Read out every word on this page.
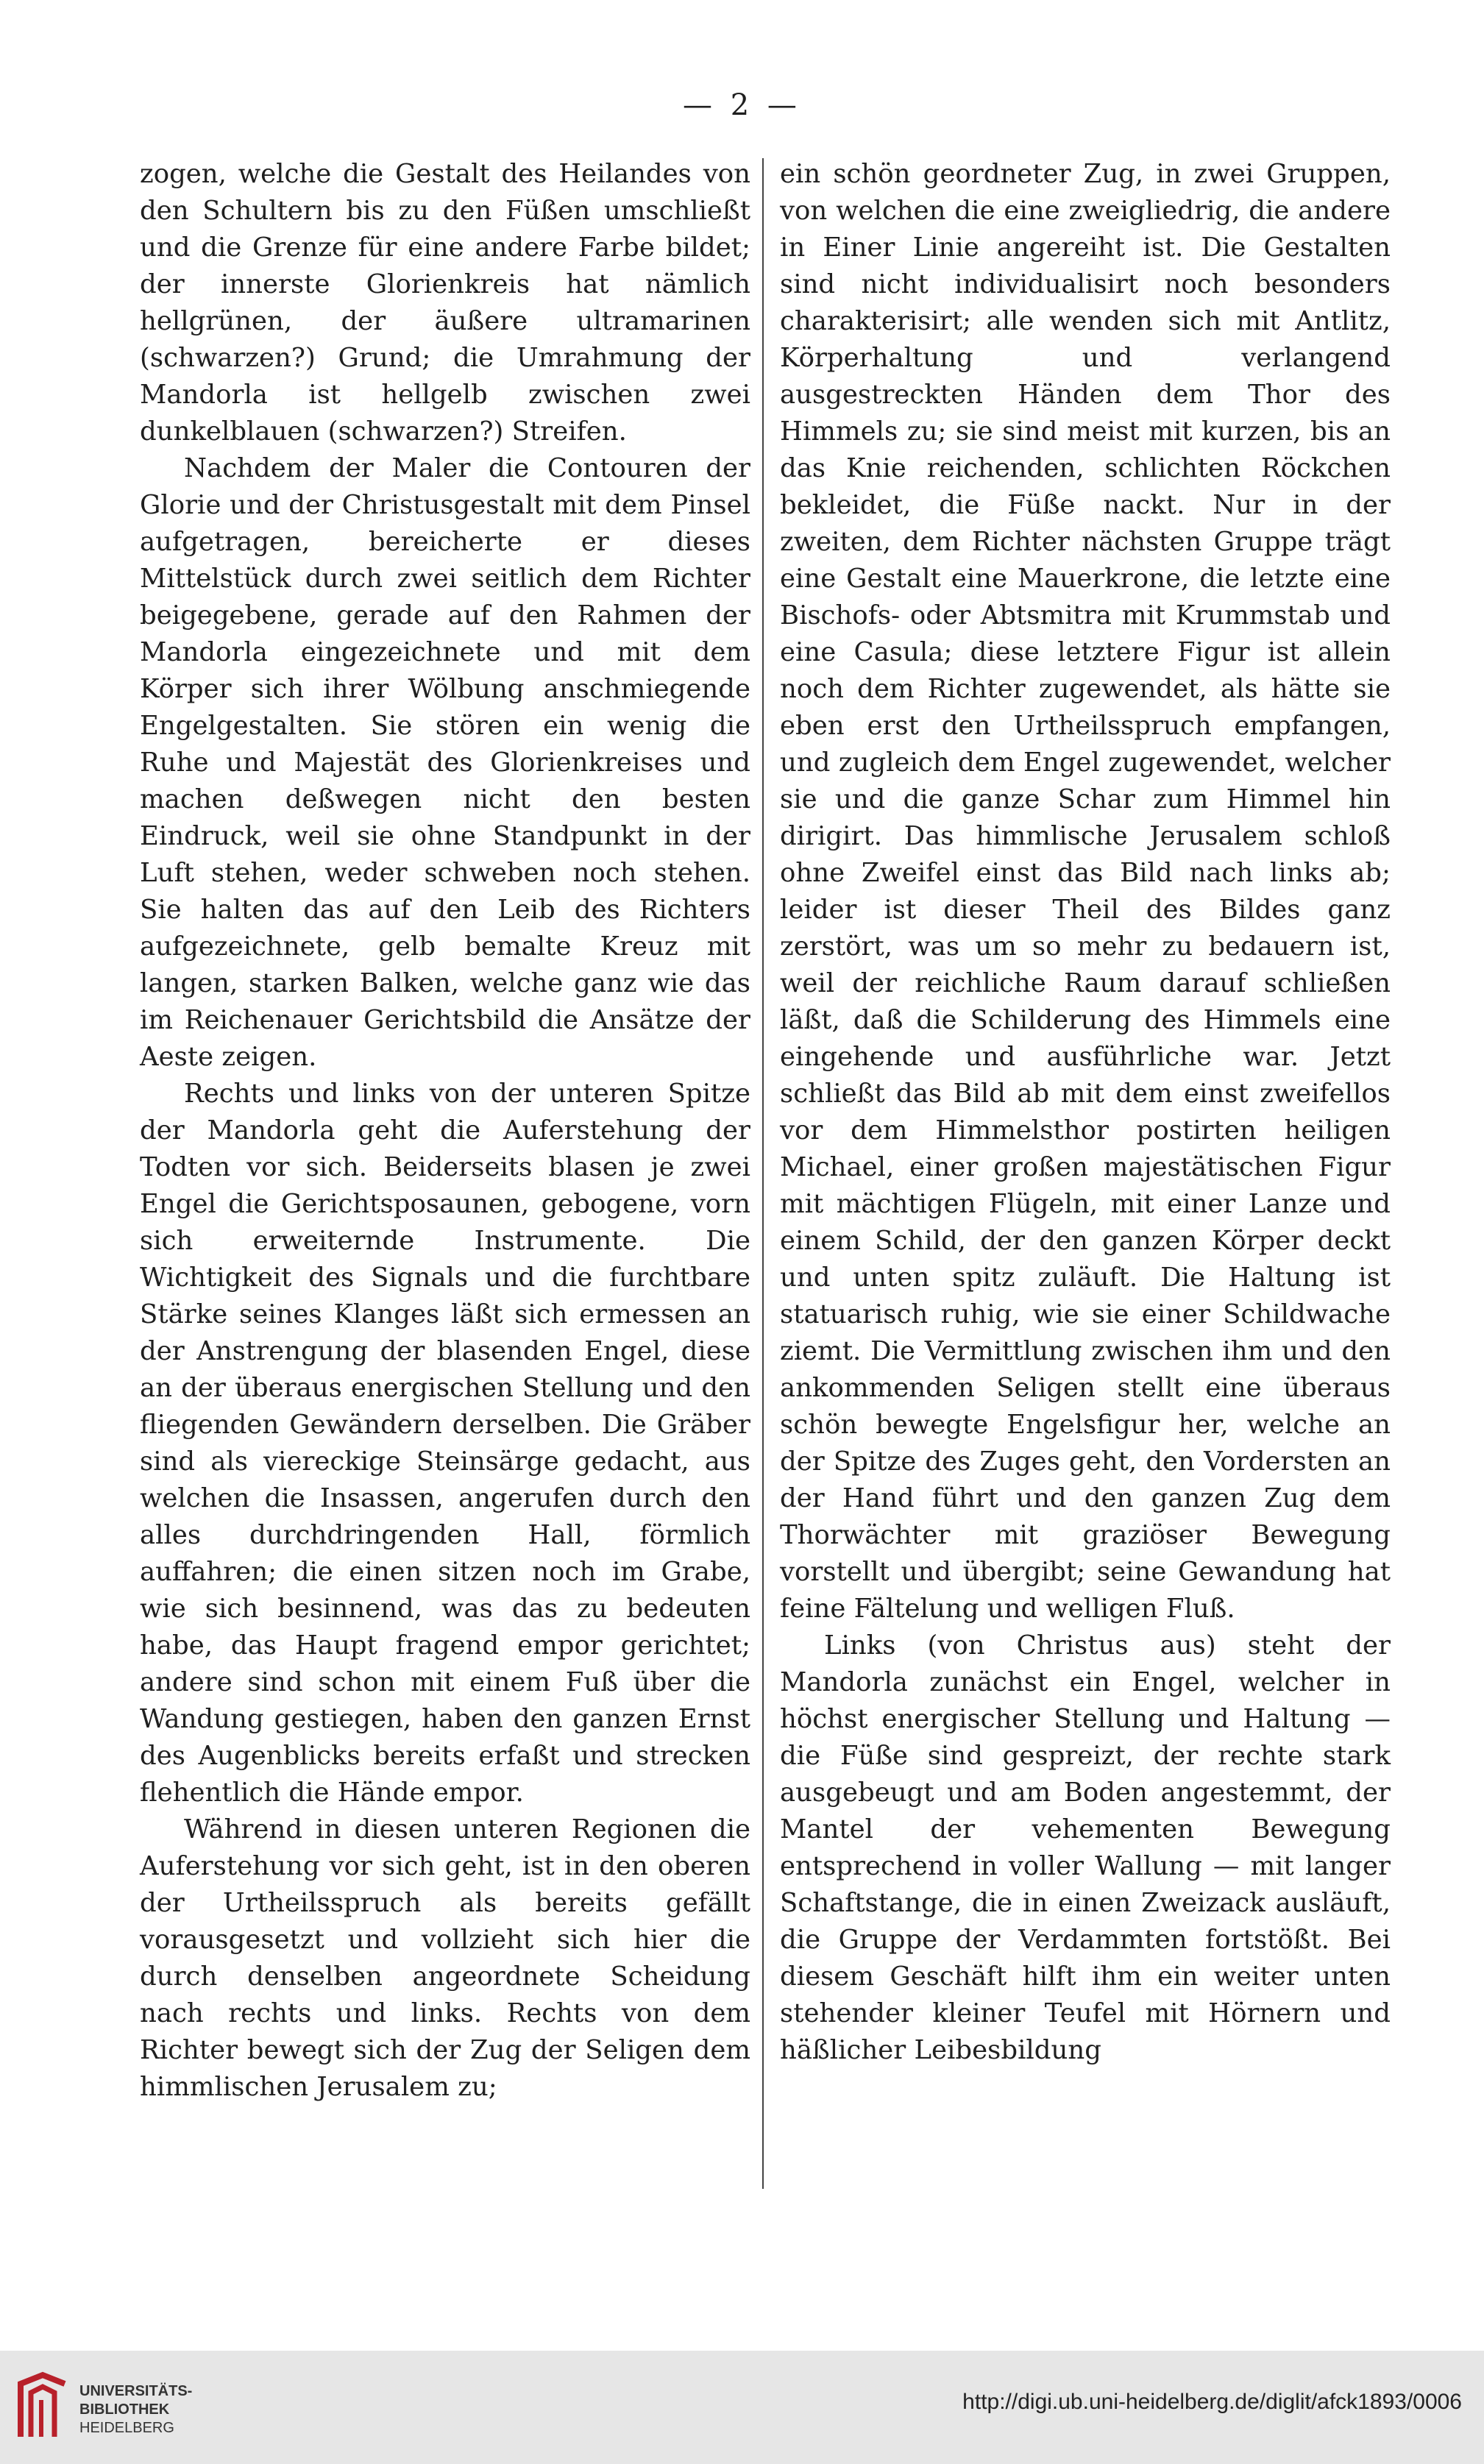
— 2 —

zogen, welche die Gestalt des Heilandes von den Schultern bis zu den Füßen umschließt und die Grenze für eine andere Farbe bildet; der innerste Glorienkreis hat nämlich hellgrünen, der äußere ultramarinen (schwarzen?) Grund; die Umrahmung der Mandorla ist hellgelb zwischen zwei dunkelblauen (schwarzen?) Streifen.

Nachdem der Maler die Contouren der Glorie und der Christusgestalt mit dem Pinsel aufgetragen, bereicherte er dieses Mittelstück durch zwei seitlich dem Richter beigegebene, gerade auf den Rahmen der Mandorla eingezeichnete und mit dem Körper sich ihrer Wölbung anschmiegende Engelgestalten. Sie stören ein wenig die Ruhe und Majestät des Glorienkreises und machen deßwegen nicht den besten Eindruck, weil sie ohne Standpunkt in der Luft stehen, weder schweben noch stehen. Sie halten das auf den Leib des Richters aufgezeichnete, gelb bemalte Kreuz mit langen, starken Balken, welche ganz wie das im Reichenauer Gerichtsbild die Ansätze der Aeste zeigen.

Rechts und links von der unteren Spitze der Mandorla geht die Auferstehung der Todten vor sich. Beiderseits blasen je zwei Engel die Gerichtsposaunen, gebogene, vorn sich erweiternde Instrumente. Die Wichtigkeit des Signals und die furchtbare Stärke seines Klanges läßt sich ermessen an der Anstrengung der blasenden Engel, diese an der überaus energischen Stellung und den fliegenden Gewändern derselben. Die Gräber sind als viereckige Steinsärge gedacht, aus welchen die Insassen, angerufen durch den alles durchdringenden Hall, förmlich auffahren; die einen sitzen noch im Grabe, wie sich besinnend, was das zu bedeuten habe, das Haupt fragend empor gerichtet; andere sind schon mit einem Fuß über die Wandung gestiegen, haben den ganzen Ernst des Augenblicks bereits erfaßt und strecken flehentlich die Hände empor.

Während in diesen unteren Regionen die Auferstehung vor sich geht, ist in den oberen der Urtheilsspruch als bereits gefällt vorausgesetzt und vollzieht sich hier die durch denselben angeordnete Scheidung nach rechts und links. Rechts von dem Richter bewegt sich der Zug der Seligen dem himmlischen Jerusalem zu;

ein schön geordneter Zug, in zwei Gruppen, von welchen die eine zweigliedrig, die andere in Einer Linie angereiht ist. Die Gestalten sind nicht individualisirt noch besonders charakterisirt; alle wenden sich mit Antlitz, Körperhaltung und verlangend ausgestreckten Händen dem Thor des Himmels zu; sie sind meist mit kurzen, bis an das Knie reichenden, schlichten Röckchen bekleidet, die Füße nackt. Nur in der zweiten, dem Richter nächsten Gruppe trägt eine Gestalt eine Mauerkrone, die letzte eine Bischofs- oder Abtsmitra mit Krummstab und eine Casula; diese letztere Figur ist allein noch dem Richter zugewendet, als hätte sie eben erst den Urtheilsspruch empfangen, und zugleich dem Engel zugewendet, welcher sie und die ganze Schar zum Himmel hin dirigirt. Das himmlische Jerusalem schloß ohne Zweifel einst das Bild nach links ab; leider ist dieser Theil des Bildes ganz zerstört, was um so mehr zu bedauern ist, weil der reichliche Raum darauf schließen läßt, daß die Schilderung des Himmels eine eingehende und ausführliche war. Jetzt schließt das Bild ab mit dem einst zweifellos vor dem Himmelsthor postirten heiligen Michael, einer großen majestätischen Figur mit mächtigen Flügeln, mit einer Lanze und einem Schild, der den ganzen Körper deckt und unten spitz zuläuft. Die Haltung ist statuarisch ruhig, wie sie einer Schildwache ziemt. Die Vermittlung zwischen ihm und den ankommenden Seligen stellt eine überaus schön bewegte Engelsfigur her, welche an der Spitze des Zuges geht, den Vordersten an der Hand führt und den ganzen Zug dem Thorwächter mit graziöser Bewegung vorstellt und übergibt; seine Gewandung hat feine Fältelung und welligen Fluß.

Links (von Christus aus) steht der Mandorla zunächst ein Engel, welcher in höchst energischer Stellung und Haltung — die Füße sind gespreizt, der rechte stark ausgebeugt und am Boden angestemmt, der Mantel der vehementen Bewegung entsprechend in voller Wallung — mit langer Schaftstange, die in einen Zweizack ausläuft, die Gruppe der Verdammten fortstößt. Bei diesem Geschäft hilft ihm ein weiter unten stehender kleiner Teufel mit Hörnern und häßlicher Leibesbildung

UNIVERSITÄTS-
BIBLIOTHEK
HEIDELBERG
http://digi.ub.uni-heidelberg.de/diglit/afck1893/0006
